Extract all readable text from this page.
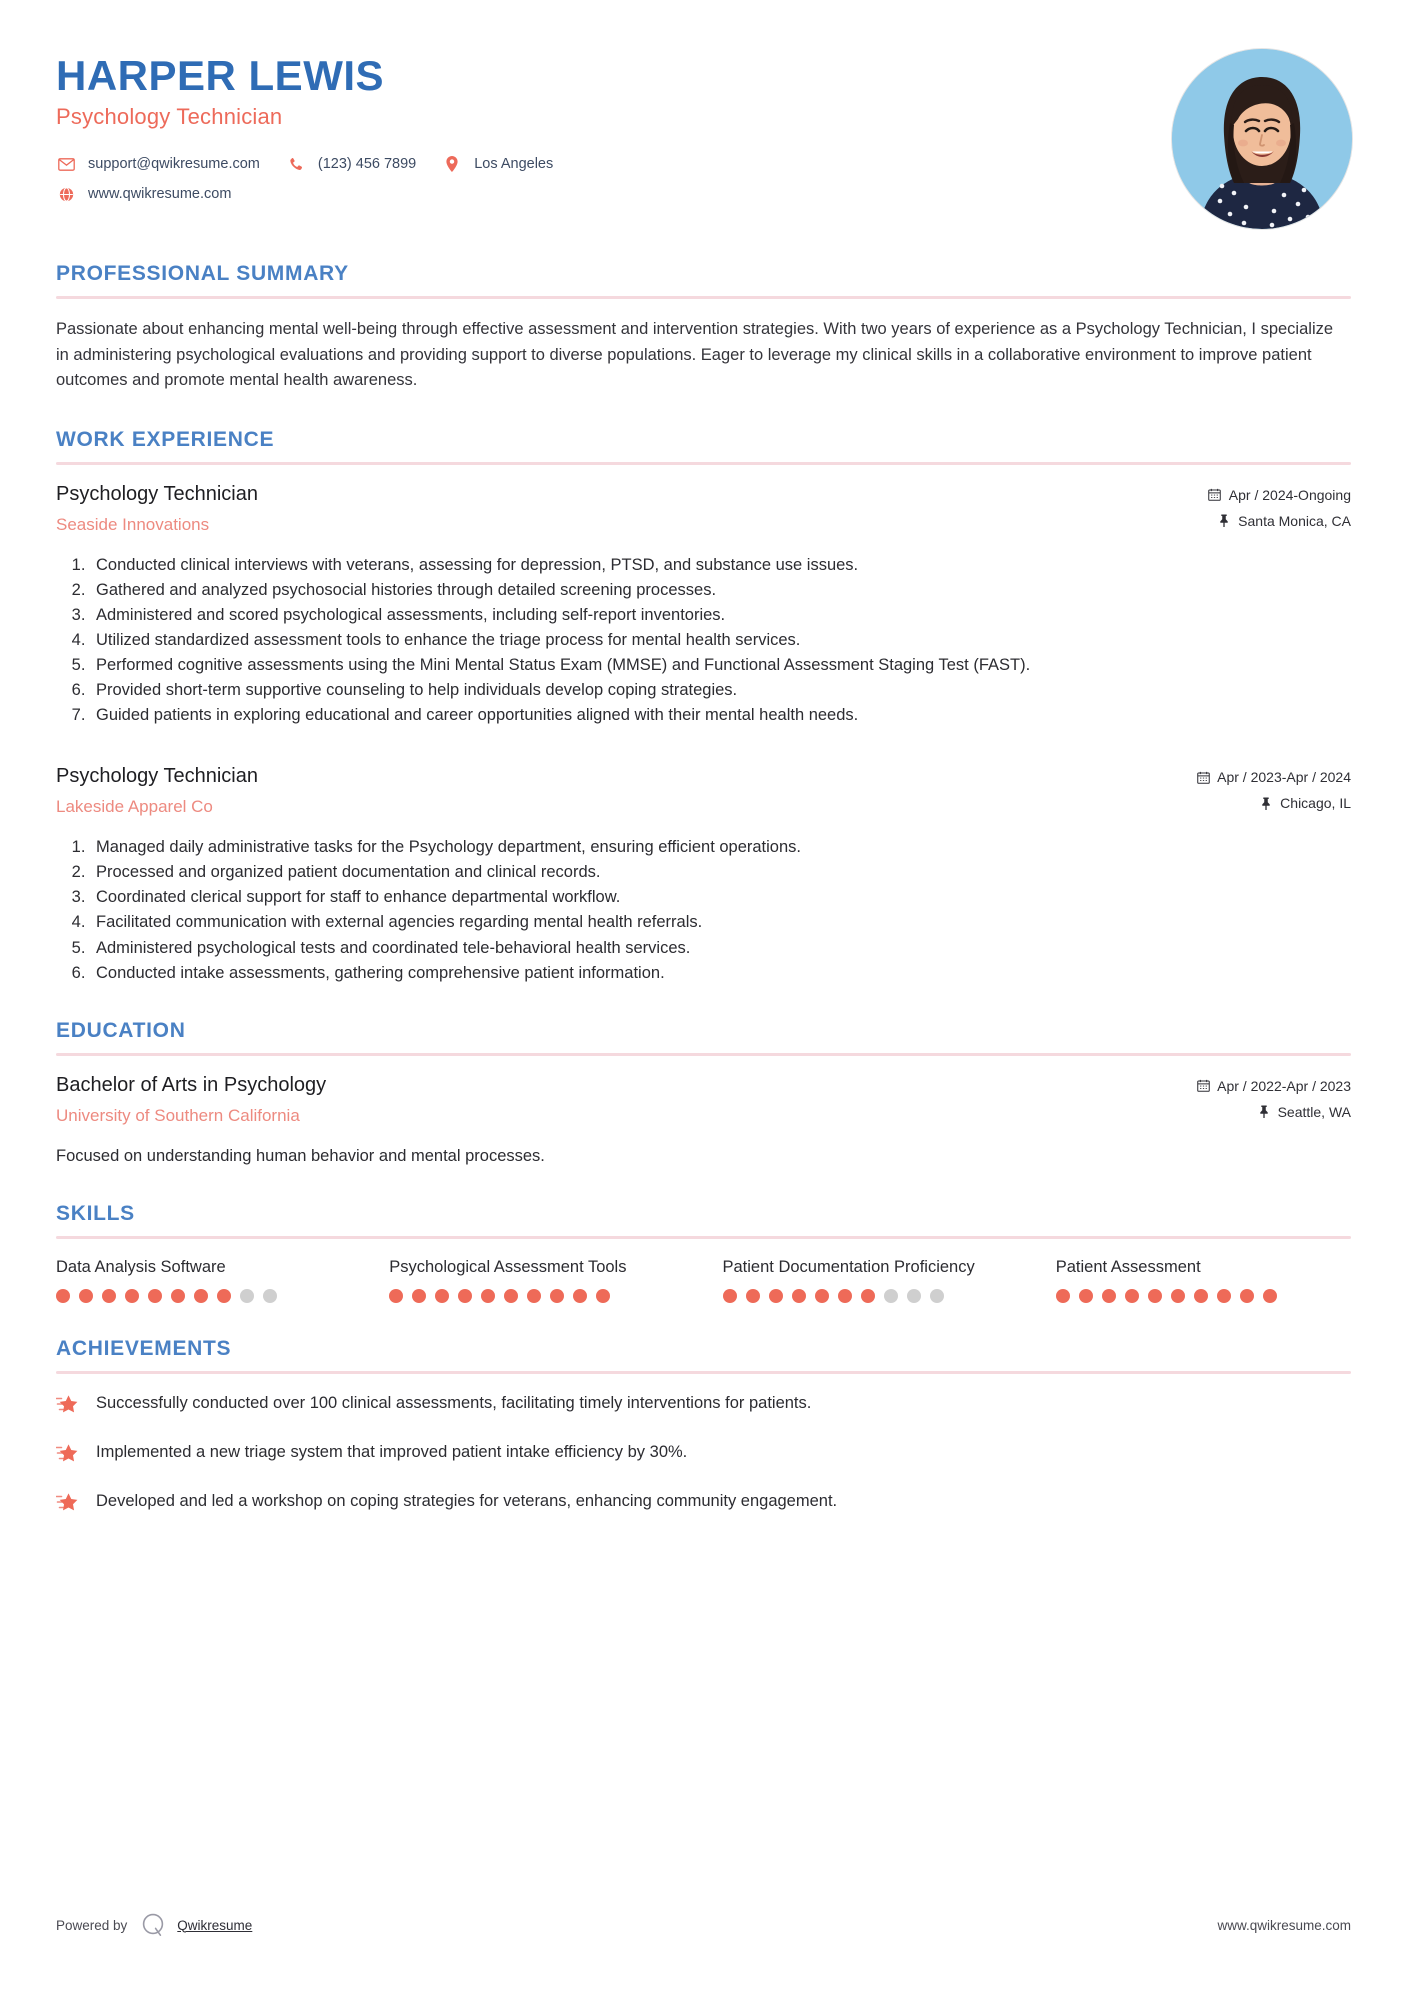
HARPER LEWIS
Psychology Technician
support@qwikresume.com	(123) 456 7899	Los Angeles
www.qwikresume.com
PROFESSIONAL SUMMARY

Passionate about enhancing mental well-being through effective assessment and intervention strategies. With two years of experience as a Psychology Technician, I specialize in administering psychological evaluations and providing support to diverse populations. Eager to leverage my clinical skills in a collaborative environment to improve patient outcomes and promote mental health awareness.

WORK EXPERIENCE
Psychology Technician
Seaside Innovations
Apr / 2024-Ongoing
Santa Monica, CA
1. Conducted clinical interviews with veterans, assessing for depression, PTSD, and substance use issues.
2. Gathered and analyzed psychosocial histories through detailed screening processes.
3. Administered and scored psychological assessments, including self-report inventories.
4. Utilized standardized assessment tools to enhance the triage process for mental health services.
5. Performed cognitive assessments using the Mini Mental Status Exam (MMSE) and Functional Assessment Staging Test (FAST).
6. Provided short-term supportive counseling to help individuals develop coping strategies.
7. Guided patients in exploring educational and career opportunities aligned with their mental health needs.
Psychology Technician
Lakeside Apparel Co
Apr / 2023-Apr / 2024
Chicago, IL
1. Managed daily administrative tasks for the Psychology department, ensuring efficient operations.
2. Processed and organized patient documentation and clinical records.
3. Coordinated clerical support for staff to enhance departmental workflow.
4. Facilitated communication with external agencies regarding mental health referrals.
5. Administered psychological tests and coordinated tele-behavioral health services.
6. Conducted intake assessments, gathering comprehensive patient information.
EDUCATION
Bachelor of Arts in Psychology
University of Southern California
Apr / 2022-Apr / 2023
Seattle, WA

Focused on understanding human behavior and mental processes.

SKILLS
Data Analysis Software	Psychological Assessment Tools	Patient Documentation Proficiency	Patient Assessment
ACHIEVEMENTS
Successfully conducted over 100 clinical assessments, facilitating timely interventions for patients.
Implemented a new triage system that improved patient intake efficiency by 30%.
Developed and led a workshop on coping strategies for veterans, enhancing community engagement.
Powered by	Qwikresume	www.qwikresume.com
